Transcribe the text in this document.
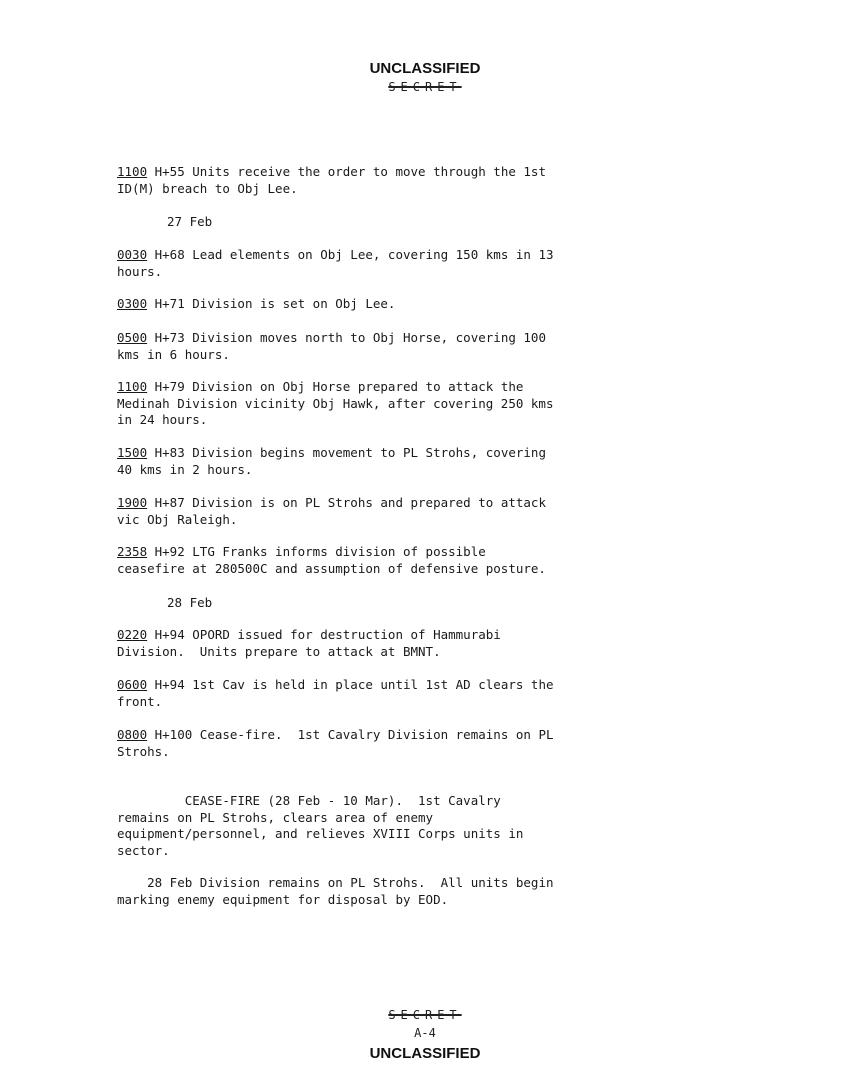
UNCLASSIFIED
SECRET
1100 H+55 Units receive the order to move through the 1st
ID(M) breach to Obj Lee.
27 Feb
0030 H+68 Lead elements on Obj Lee, covering 150 kms in 13
hours.
0300 H+71 Division is set on Obj Lee.
0500 H+73 Division moves north to Obj Horse, covering 100
kms in 6 hours.
1100 H+79 Division on Obj Horse prepared to attack the
Medinah Division vicinity Obj Hawk, after covering 250 kms
in 24 hours.
1500 H+83 Division begins movement to PL Strohs, covering
40 kms in 2 hours.
1900 H+87 Division is on PL Strohs and prepared to attack
vic Obj Raleigh.
2358 H+92 LTG Franks informs division of possible
ceasefire at 280500C and assumption of defensive posture.
28 Feb
0220 H+94 OPORD issued for destruction of Hammurabi
Division.  Units prepare to attack at BMNT.
0600 H+94 1st Cav is held in place until 1st AD clears the
front.
0800 H+100 Cease-fire.  1st Cavalry Division remains on PL
Strohs.
CEASE-FIRE (28 Feb - 10 Mar).  1st Cavalry
remains on PL Strohs, clears area of enemy
equipment/personnel, and relieves XVIII Corps units in
sector.
28 Feb Division remains on PL Strohs.  All units begin
marking enemy equipment for disposal by EOD.
SECRET
A-4
UNCLASSIFIED
